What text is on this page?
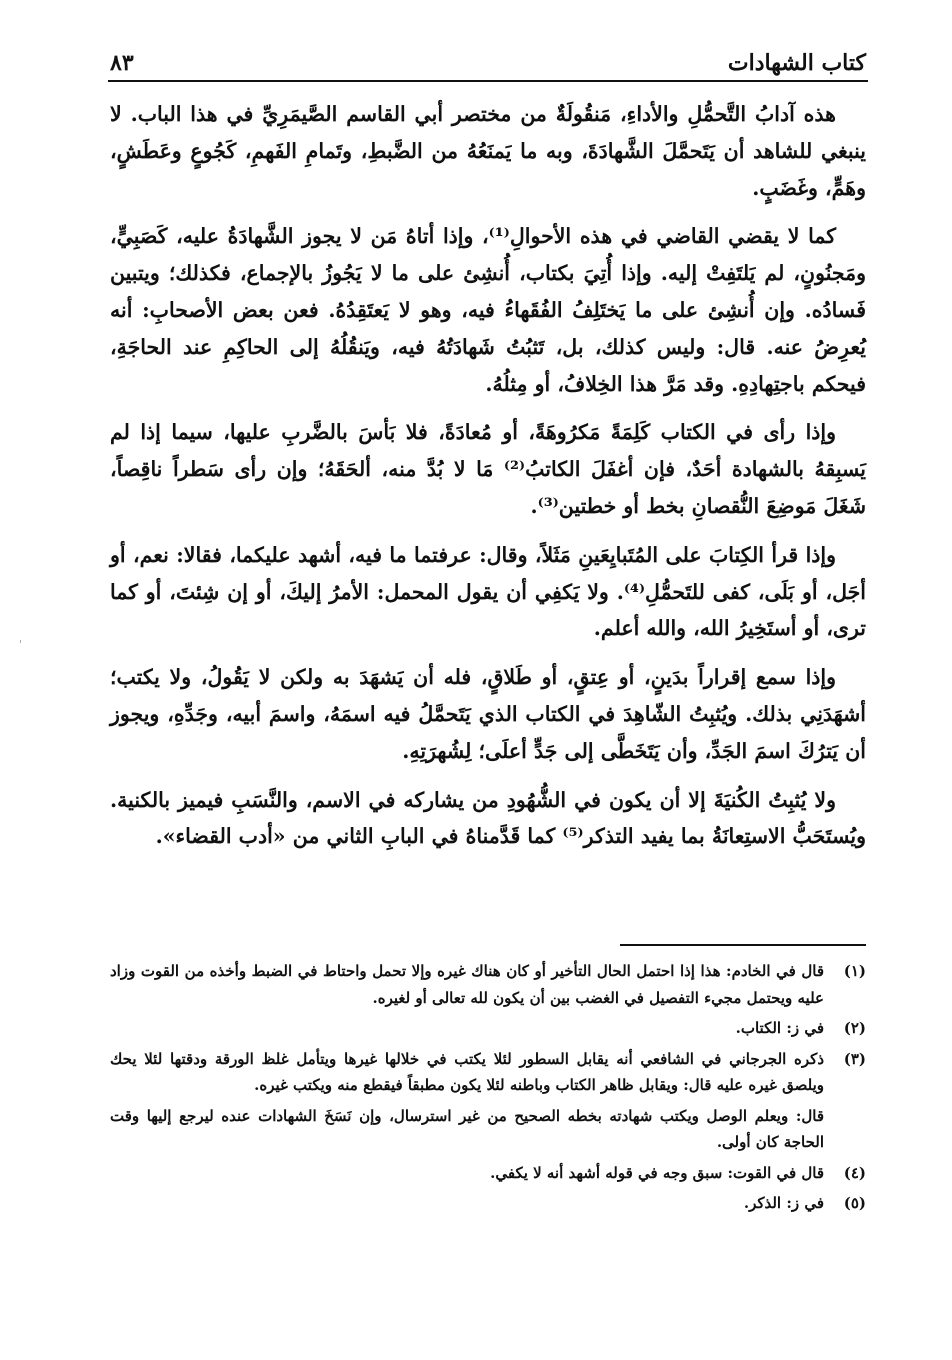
كتاب الشهادات
٨٣

هذه آدابُ التَّحمُّلِ والأداءِ، مَنقُولَةٌ من مختصر أبي القاسم الصَّيمَرِيِّ في هذا الباب. لا ينبغي للشاهد أن يَتَحمَّلَ الشَّهادَةَ، وبه ما يَمنَعُهُ من الضَّبطِ، وتَمامِ الفَهمِ، كَجُوعٍ وعَطَشٍ، وهَمٍّ، وغَضَبٍ.

كما لا يقضي القاضي في هذه الأحوالِ⁽¹⁾، وإذا أتاهُ مَن لا يجوز الشَّهادَةُ عليه، كَصَبِيٍّ، ومَجنُونٍ، لم يَلتَفِتْ إليه. وإذا أُتِيَ بكتاب، أُنشِئ على ما لا يَجُوزُ بالإجماع، فكذلك؛ ويتبين فَسادُه. وإن أُنشِئ على ما يَختَلِفُ الفُقَهاءُ فيه، وهو لا يَعتَقِدُهُ. فعن بعض الأصحابِ: أنه يُعرِضُ عنه. قال: وليس كذلك، بل، تَثبُتُ شَهادَتُهُ فيه، ويَنقُلُهُ إلى الحاكِمِ عند الحاجَةِ، فيحكم باجتِهادِهِ. وقد مَرَّ هذا الخِلافُ، أو مِثلُهُ.

وإذا رأى في الكتاب كَلِمَةً مَكرُوهَةً، أو مُعادَةً، فلا بَأسَ بالضَّربِ عليها، سيما إذا لم يَسبِقهُ بالشهادة أحَدٌ، فإن أغفَلَ الكاتبُ⁽²⁾ مَا لا بُدَّ منه، ألحَقَهُ؛ وإن رأى سَطراً ناقِصاً، شَغَلَ مَوضِعَ النُّقصانِ بخط أو خطتين⁽³⁾.

وإذا قرأ الكِتابَ على المُتَبايِعَينِ مَثَلاً، وقال: عرفتما ما فيه، أشهد عليكما، فقالا: نعم، أو أجَل، أو بَلَى، كفى للتَحمُّلِ⁽⁴⁾. ولا يَكفِي أن يقول المحمل: الأمرُ إليكَ، أو إن شِئتَ، أو كما ترى، أو أستَخِيرُ الله، والله أعلم.

وإذا سمع إقراراً بدَينٍ، أو عِتقٍ، أو طَلاقٍ، فله أن يَشهَدَ به ولكن لا يَقُولُ، ولا يكتب؛ أشهَدَنِي بذلك. ويُثبِتُ الشّاهِدَ في الكتاب الذي يَتَحمَّلُ فيه اسمَهُ، واسمَ أبيه، وجَدِّهِ، ويجوز أن يَترُكَ اسمَ الجَدِّ، وأن يَتَخَطَّى إلى جَدٍّ أعلَى؛ لِشُهرَتِهِ.

ولا يُثبِتُ الكُنيَةَ إلا أن يكون في الشُّهُودِ من يشاركه في الاسم، والنَّسَبِ فيميز بالكنية. ويُستَحَبُّ الاستِعانَةُ بما يفيد التذكر⁽⁵⁾ كما قَدَّمناهُ في البابِ الثاني من «أدب القضاء».

(١)
قال في الخادم: هذا إذا احتمل الحال التأخير أو كان هناك غيره وإلا تحمل واحتاط في الضبط وأخذه من القوت وزاد عليه ويحتمل مجيء التفصيل في الغضب بين أن يكون لله تعالى أو لغيره.
(٢)
في ز: الكتاب.
(٣)
ذكره الجرجاني في الشافعي أنه يقابل السطور لئلا يكتب في خلالها غيرها ويتأمل غلظ الورقة ودقتها لئلا يحك ويلصق غيره عليه قال: ويقابل ظاهر الكتاب وباطنه لئلا يكون مطبقاً فيقطع منه ويكتب غيره.
قال: ويعلم الوصل ويكتب شهادته بخطه الصحيح من غير استرسال، وإن نَسَخَ الشهادات عنده ليرجع إليها وقت الحاجة كان أولى.
(٤)
قال في القوت: سبق وجه في قوله أشهد أنه لا يكفي.
(٥)
في ز: الذكر.
